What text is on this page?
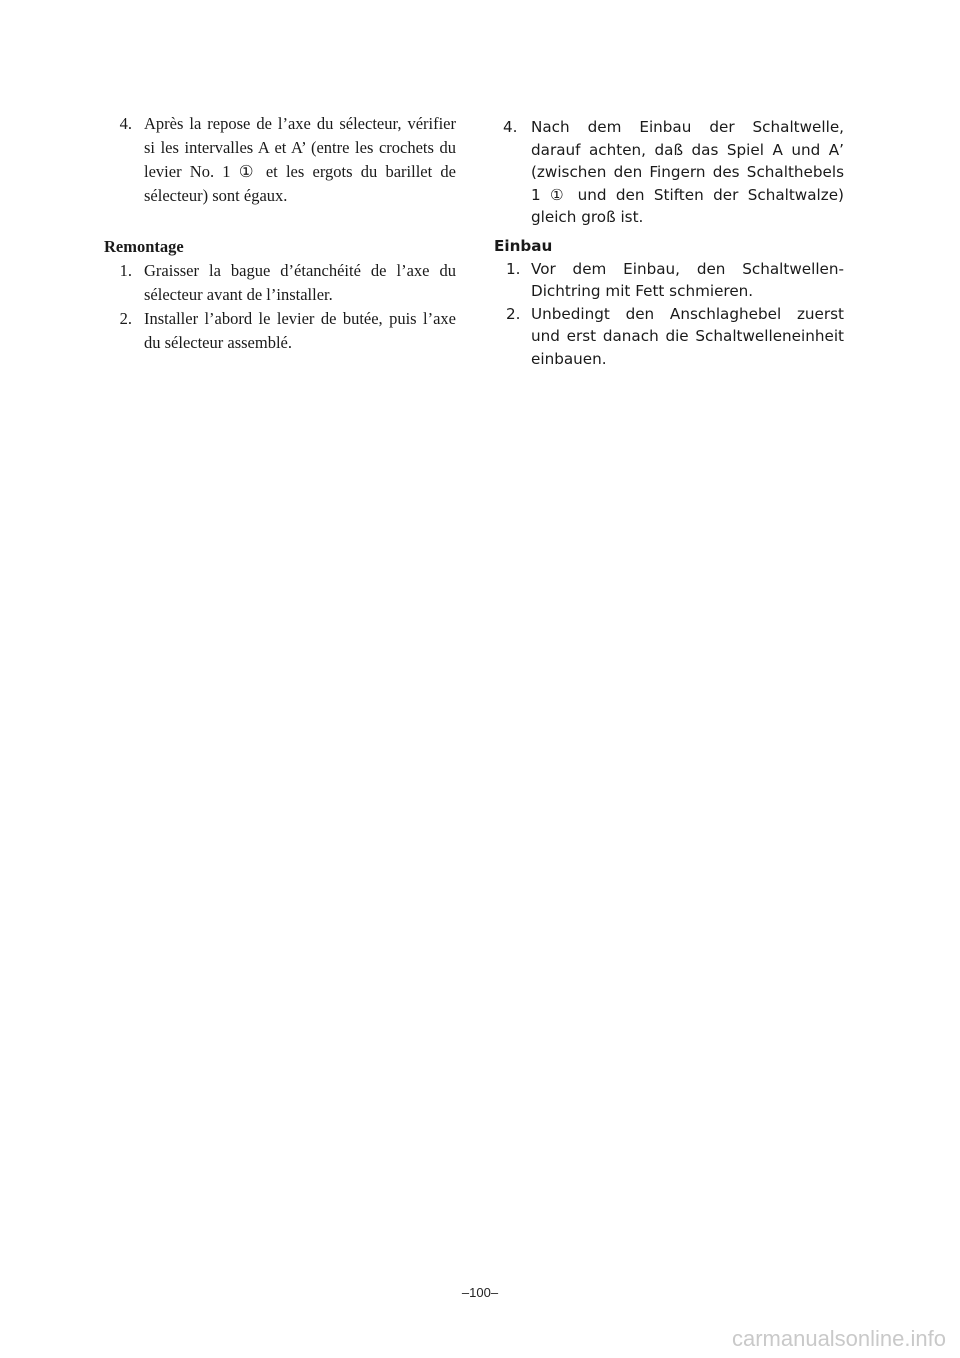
4. Après la repose de l’axe du sélecteur, vérifier si les intervalles A et A’ (entre les crochets du levier No. 1 ① et les ergots du barillet de sélecteur) sont égaux.
Remontage
1. Graisser la bague d’étanchéité de l’axe du sélecteur avant de l’installer.
2. Installer l’abord le levier de butée, puis l’axe du sélecteur assemblé.
4. Nach dem Einbau der Schaltwelle, darauf achten, daß das Spiel A und A’ (zwischen den Fingern des Schalthebels 1 ① und den Stiften der Schaltwalze) gleich groß ist.
Einbau
1. Vor dem Einbau, den Schaltwellen-Dichtring mit Fett schmieren.
2. Unbedingt den Anschlaghebel zuerst und erst danach die Schaltwelleneinheit einbauen.
–100–
carmanualsonline.info
